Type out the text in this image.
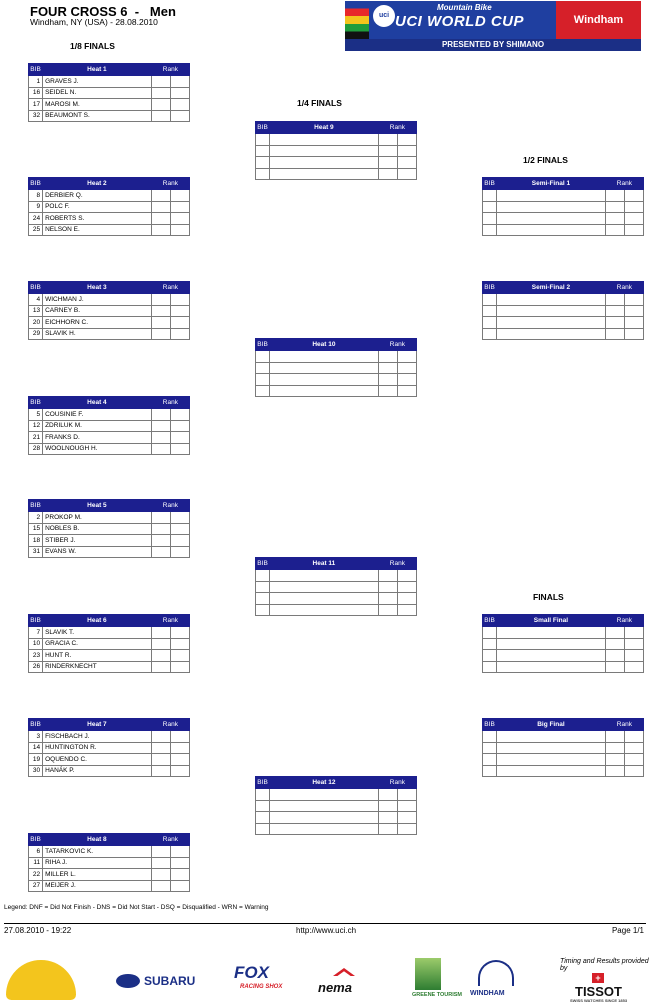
FOUR CROSS 6  -   Men
Windham, NY (USA) - 28.08.2010
uci
Mountain Bike
UCI WORLD CUP	Windham
PRESENTED BY SHIMANO
1/8 FINALS
1/4 FINALS
1/2 FINALS
FINALS
BIB	Heat 1	Rank	
1	GRAVES J.		
16	SEIDEL N.		
17	MAROSI M.		
32	BEAUMONT S.		
BIB	Heat 2	Rank	
8	DERBIER Q.		
9	POLC F.		
24	ROBERTS S.		
25	NELSON E.		
BIB	Heat 3	Rank	
4	WICHMAN J.		
13	CARNEY B.		
20	EICHHORN C.		
29	SLAVIK H.		
BIB	Heat 4	Rank	
5	COUSINIE F.		
12	ZDRILUK M.		
21	FRANKS D.		
28	WOOLNOUGH H.		
BIB	Heat 5	Rank	
2	PROKOP M.		
15	NOBLES B.		
18	STIBER J.		
31	EVANS W.		
BIB	Heat 6	Rank	
7	SLAVIK T.		
10	GRACIA C.		
23	HUNT R.		
26	RINDERKNECHT		
BIB	Heat 7	Rank	
3	FISCHBACH J.		
14	HUNTINGTON R.		
19	OQUENDO C.		
30	HANÁK P.		
BIB	Heat 8	Rank	
6	TATARKOVIC K.		
11	RIHA J.		
22	MILLER L.		
27	MEIJER J.		
BIB	Heat 9	Rank	

BIB	Heat 10	Rank	

BIB	Heat 11	Rank	

BIB	Heat 12	Rank	

BIB	Semi-Final 1	Rank	

BIB	Semi-Final 2	Rank	

BIB	Small Final	Rank	

BIB	Big Final	Rank	

Legend: DNF = Did Not Finish - DNS = Did Not Start - DSQ = Disqualified - WRN = Warning
27.08.2010 - 19:22	http://www.uci.ch	Page 1/1
SUBARU FOX
RACING SHOX	nema	GREENE TOURISM WINDHAM
Timing and Results provided by
+
TISSOT
SWISS WATCHES SINCE 1853
